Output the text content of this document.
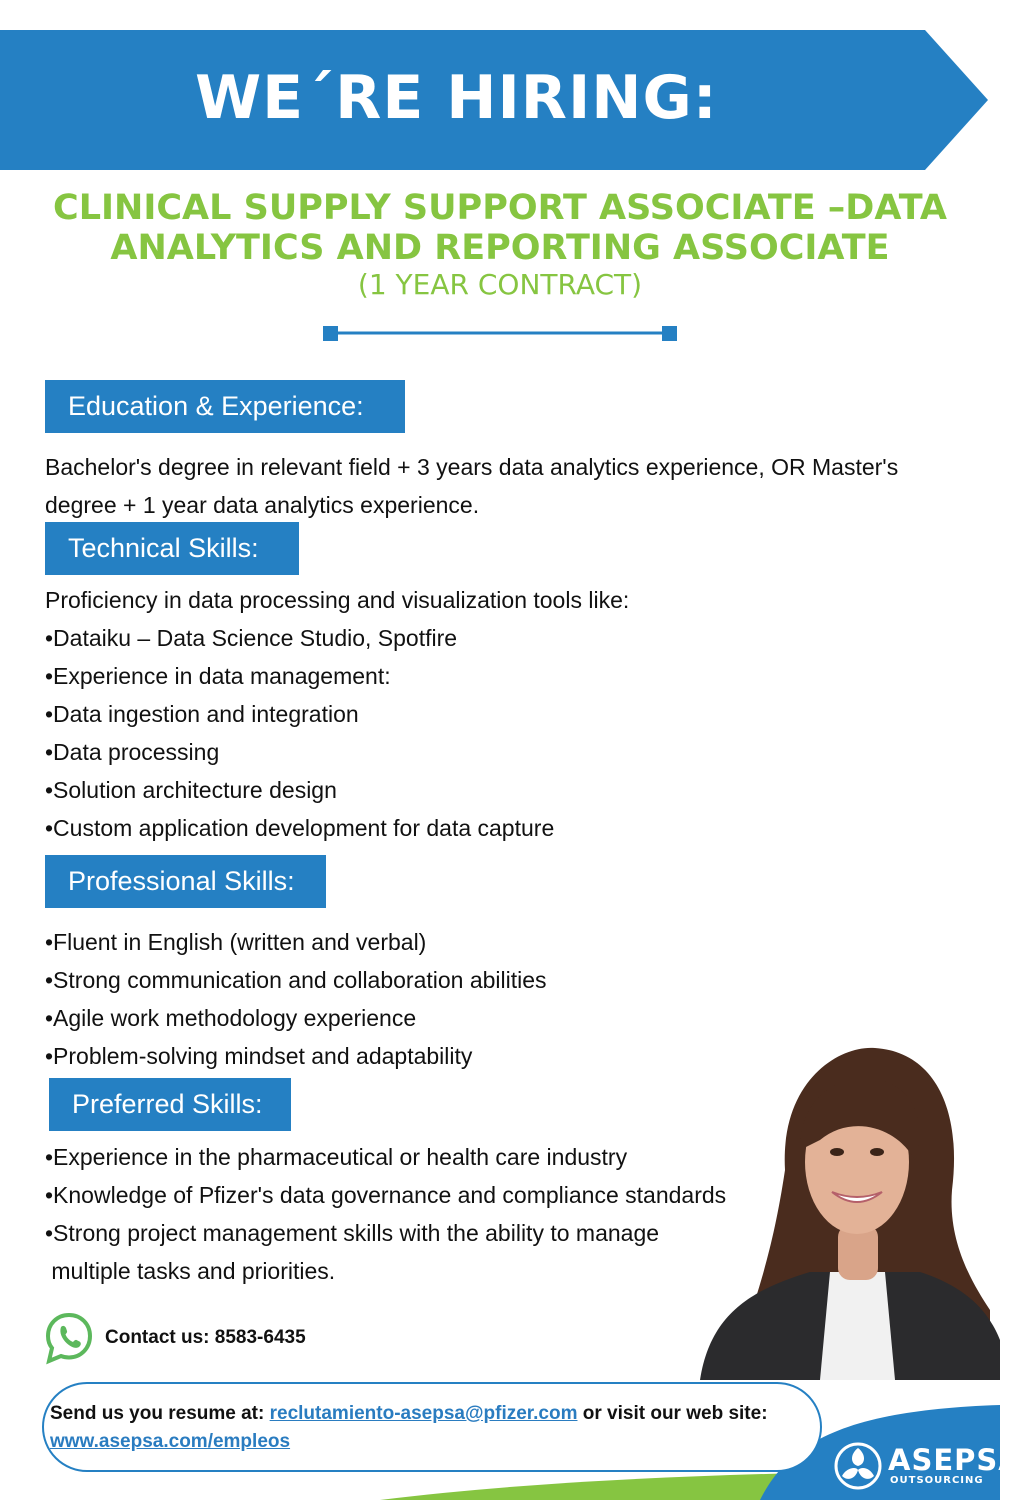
WE´RE HIRING:
CLINICAL SUPPLY SUPPORT ASSOCIATE –DATA
ANALYTICS AND REPORTING ASSOCIATE
(1 YEAR CONTRACT)
Education & Experience:
Bachelor's degree in relevant field + 3 years data analytics experience, OR Master's
degree + 1 year data analytics experience.
Technical Skills:
Proficiency in data processing and visualization tools like:
•Dataiku – Data Science Studio, Spotfire
•Experience in data management:
•Data ingestion and integration
•Data processing
•Solution architecture design
•Custom application development for data capture
Professional Skills:
•Fluent in English (written and verbal)
•Strong communication and collaboration abilities
•Agile work methodology experience
•Problem-solving mindset and adaptability
Preferred Skills:
•Experience in the pharmaceutical or health care industry
•Knowledge of Pfizer's data governance and compliance standards
•Strong project management skills with the ability to manage
multiple tasks and priorities.
Contact us: 8583-6435
Send us you resume at: reclutamiento-asepsa@pfizer.com or visit our web site:
www.asepsa.com/empleos
ASEPSA
OUTSOURCING
